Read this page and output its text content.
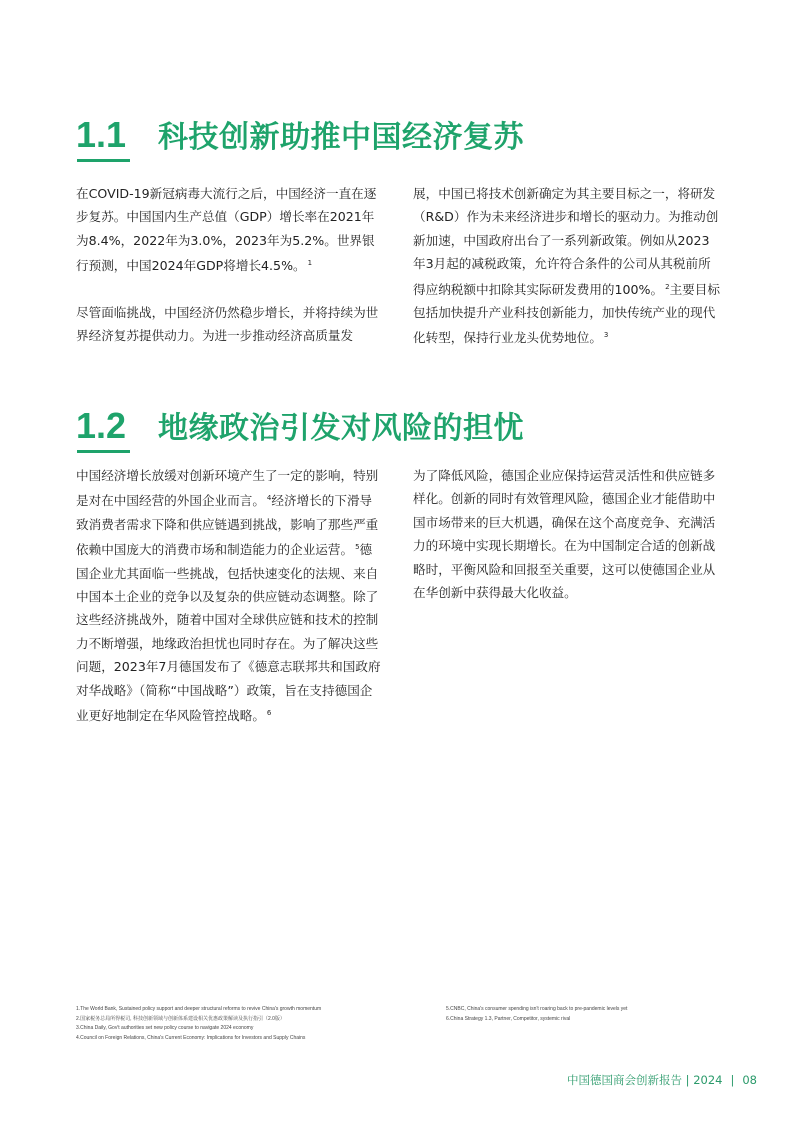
1.1	科技创新助推中国经济复苏

在COVID-19新冠病毒大流行之后，中国经济一直在逐步复苏。中国国内生产总值（GDP）增长率在2021年为8.4%，2022年为3.0%，2023年为5.2%。世界银行预测，中国2024年GDP将增长4.5%。 $^1$

尽管面临挑战，中国经济仍然稳步增长，并将持续为世界经济复苏提供动力。为进一步推动经济高质量发

展，中国已将技术创新确定为其主要目标之一，将研发（R&D）作为未来经济进步和增长的驱动力。为推动创新加速，中国政府出台了一系列新政策。例如从2023年3月起的减税政策，允许符合条件的公司从其税前所得应纳税额中扣除其实际研发费用的100%。 $^2$主要目标包括加快提升产业科技创新能力，加快传统产业的现代化转型，保持行业龙头优势地位。 $^3$

1.2	地缘政治引发对风险的担忧

中国经济增长放缓对创新环境产生了一定的影响，特别是对在中国经营的外国企业而言。 $^4$经济增长的下滑导致消费者需求下降和供应链遇到挑战，影响了那些严重依赖中国庞大的消费市场和制造能力的企业运营。 $^5$德国企业尤其面临一些挑战，包括快速变化的法规、来自中国本土企业的竞争以及复杂的供应链动态调整。除了这些经济挑战外，随着中国对全球供应链和技术的控制力不断增强，地缘政治担忧也同时存在。为了解决这些问题，2023年7月德国发布了《德意志联邦共和国政府对华战略》（简称“中国战略”）政策，旨在支持德国企业更好地制定在华风险管控战略。 $^6$

为了降低风险，德国企业应保持运营灵活性和供应链多样化。创新的同时有效管理风险，德国企业才能借助中国市场带来的巨大机遇，确保在这个高度竞争、充满活力的环境中实现长期增长。在为中国制定合适的创新战略时，平衡风险和回报至关重要，这可以使德国企业从在华创新中获得最大化收益。

1.The World Bank, Sustained policy support and deeper structural reforms to revive China's growth momentum
2.国家税务总局所得税司, 科技创新领域与创新体系建设相关优惠政策解读及执行指引（2.0版）
3.China Daily, Gov't authorities set new policy course to navigate 2024 economy
4.Council on Foreign Relations, China's Current Economy: Implications for Investors and Supply Chains
5.CNBC, China's consumer spending isn't roaring back to pre-pandemic levels yet
6.China Strategy 1.3, Partner, Competitor, systemic rival
中国德国商会创新报告 | 2024 | 08
